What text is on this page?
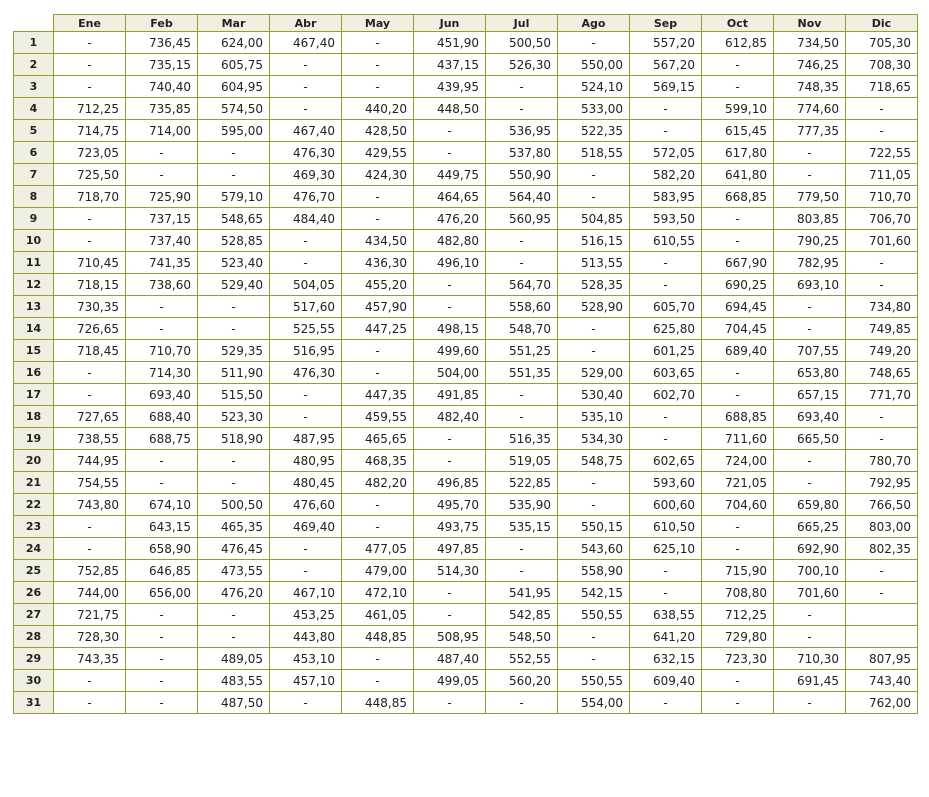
	Ene	Feb	Mar	Abr	May	Jun	Jul	Ago	Sep	Oct	Nov	Dic
1	-	736,45	624,00	467,40	-	451,90	500,50	-	557,20	612,85	734,50	705,30
2	-	735,15	605,75	-	-	437,15	526,30	550,00	567,20	-	746,25	708,30
3	-	740,40	604,95	-	-	439,95	-	524,10	569,15	-	748,35	718,65
4	712,25	735,85	574,50	-	440,20	448,50	-	533,00	-	599,10	774,60	-
5	714,75	714,00	595,00	467,40	428,50	-	536,95	522,35	-	615,45	777,35	-
6	723,05	-	-	476,30	429,55	-	537,80	518,55	572,05	617,80	-	722,55
7	725,50	-	-	469,30	424,30	449,75	550,90	-	582,20	641,80	-	711,05
8	718,70	725,90	579,10	476,70	-	464,65	564,40	-	583,95	668,85	779,50	710,70
9	-	737,15	548,65	484,40	-	476,20	560,95	504,85	593,50	-	803,85	706,70
10	-	737,40	528,85	-	434,50	482,80	-	516,15	610,55	-	790,25	701,60
11	710,45	741,35	523,40	-	436,30	496,10	-	513,55	-	667,90	782,95	-
12	718,15	738,60	529,40	504,05	455,20	-	564,70	528,35	-	690,25	693,10	-
13	730,35	-	-	517,60	457,90	-	558,60	528,90	605,70	694,45	-	734,80
14	726,65	-	-	525,55	447,25	498,15	548,70	-	625,80	704,45	-	749,85
15	718,45	710,70	529,35	516,95	-	499,60	551,25	-	601,25	689,40	707,55	749,20
16	-	714,30	511,90	476,30	-	504,00	551,35	529,00	603,65	-	653,80	748,65
17	-	693,40	515,50	-	447,35	491,85	-	530,40	602,70	-	657,15	771,70
18	727,65	688,40	523,30	-	459,55	482,40	-	535,10	-	688,85	693,40	-
19	738,55	688,75	518,90	487,95	465,65	-	516,35	534,30	-	711,60	665,50	-
20	744,95	-	-	480,95	468,35	-	519,05	548,75	602,65	724,00	-	780,70
21	754,55	-	-	480,45	482,20	496,85	522,85	-	593,60	721,05	-	792,95
22	743,80	674,10	500,50	476,60	-	495,70	535,90	-	600,60	704,60	659,80	766,50
23	-	643,15	465,35	469,40	-	493,75	535,15	550,15	610,50	-	665,25	803,00
24	-	658,90	476,45	-	477,05	497,85	-	543,60	625,10	-	692,90	802,35
25	752,85	646,85	473,55	-	479,00	514,30	-	558,90	-	715,90	700,10	-
26	744,00	656,00	476,20	467,10	472,10	-	541,95	542,15	-	708,80	701,60	-
27	721,75	-	-	453,25	461,05	-	542,85	550,55	638,55	712,25	-	
28	728,30	-	-	443,80	448,85	508,95	548,50	-	641,20	729,80	-	
29	743,35	-	489,05	453,10	-	487,40	552,55	-	632,15	723,30	710,30	807,95
30	-	-	483,55	457,10	-	499,05	560,20	550,55	609,40	-	691,45	743,40
31	-	-	487,50	-	448,85	-	-	554,00	-	-	-	762,00
